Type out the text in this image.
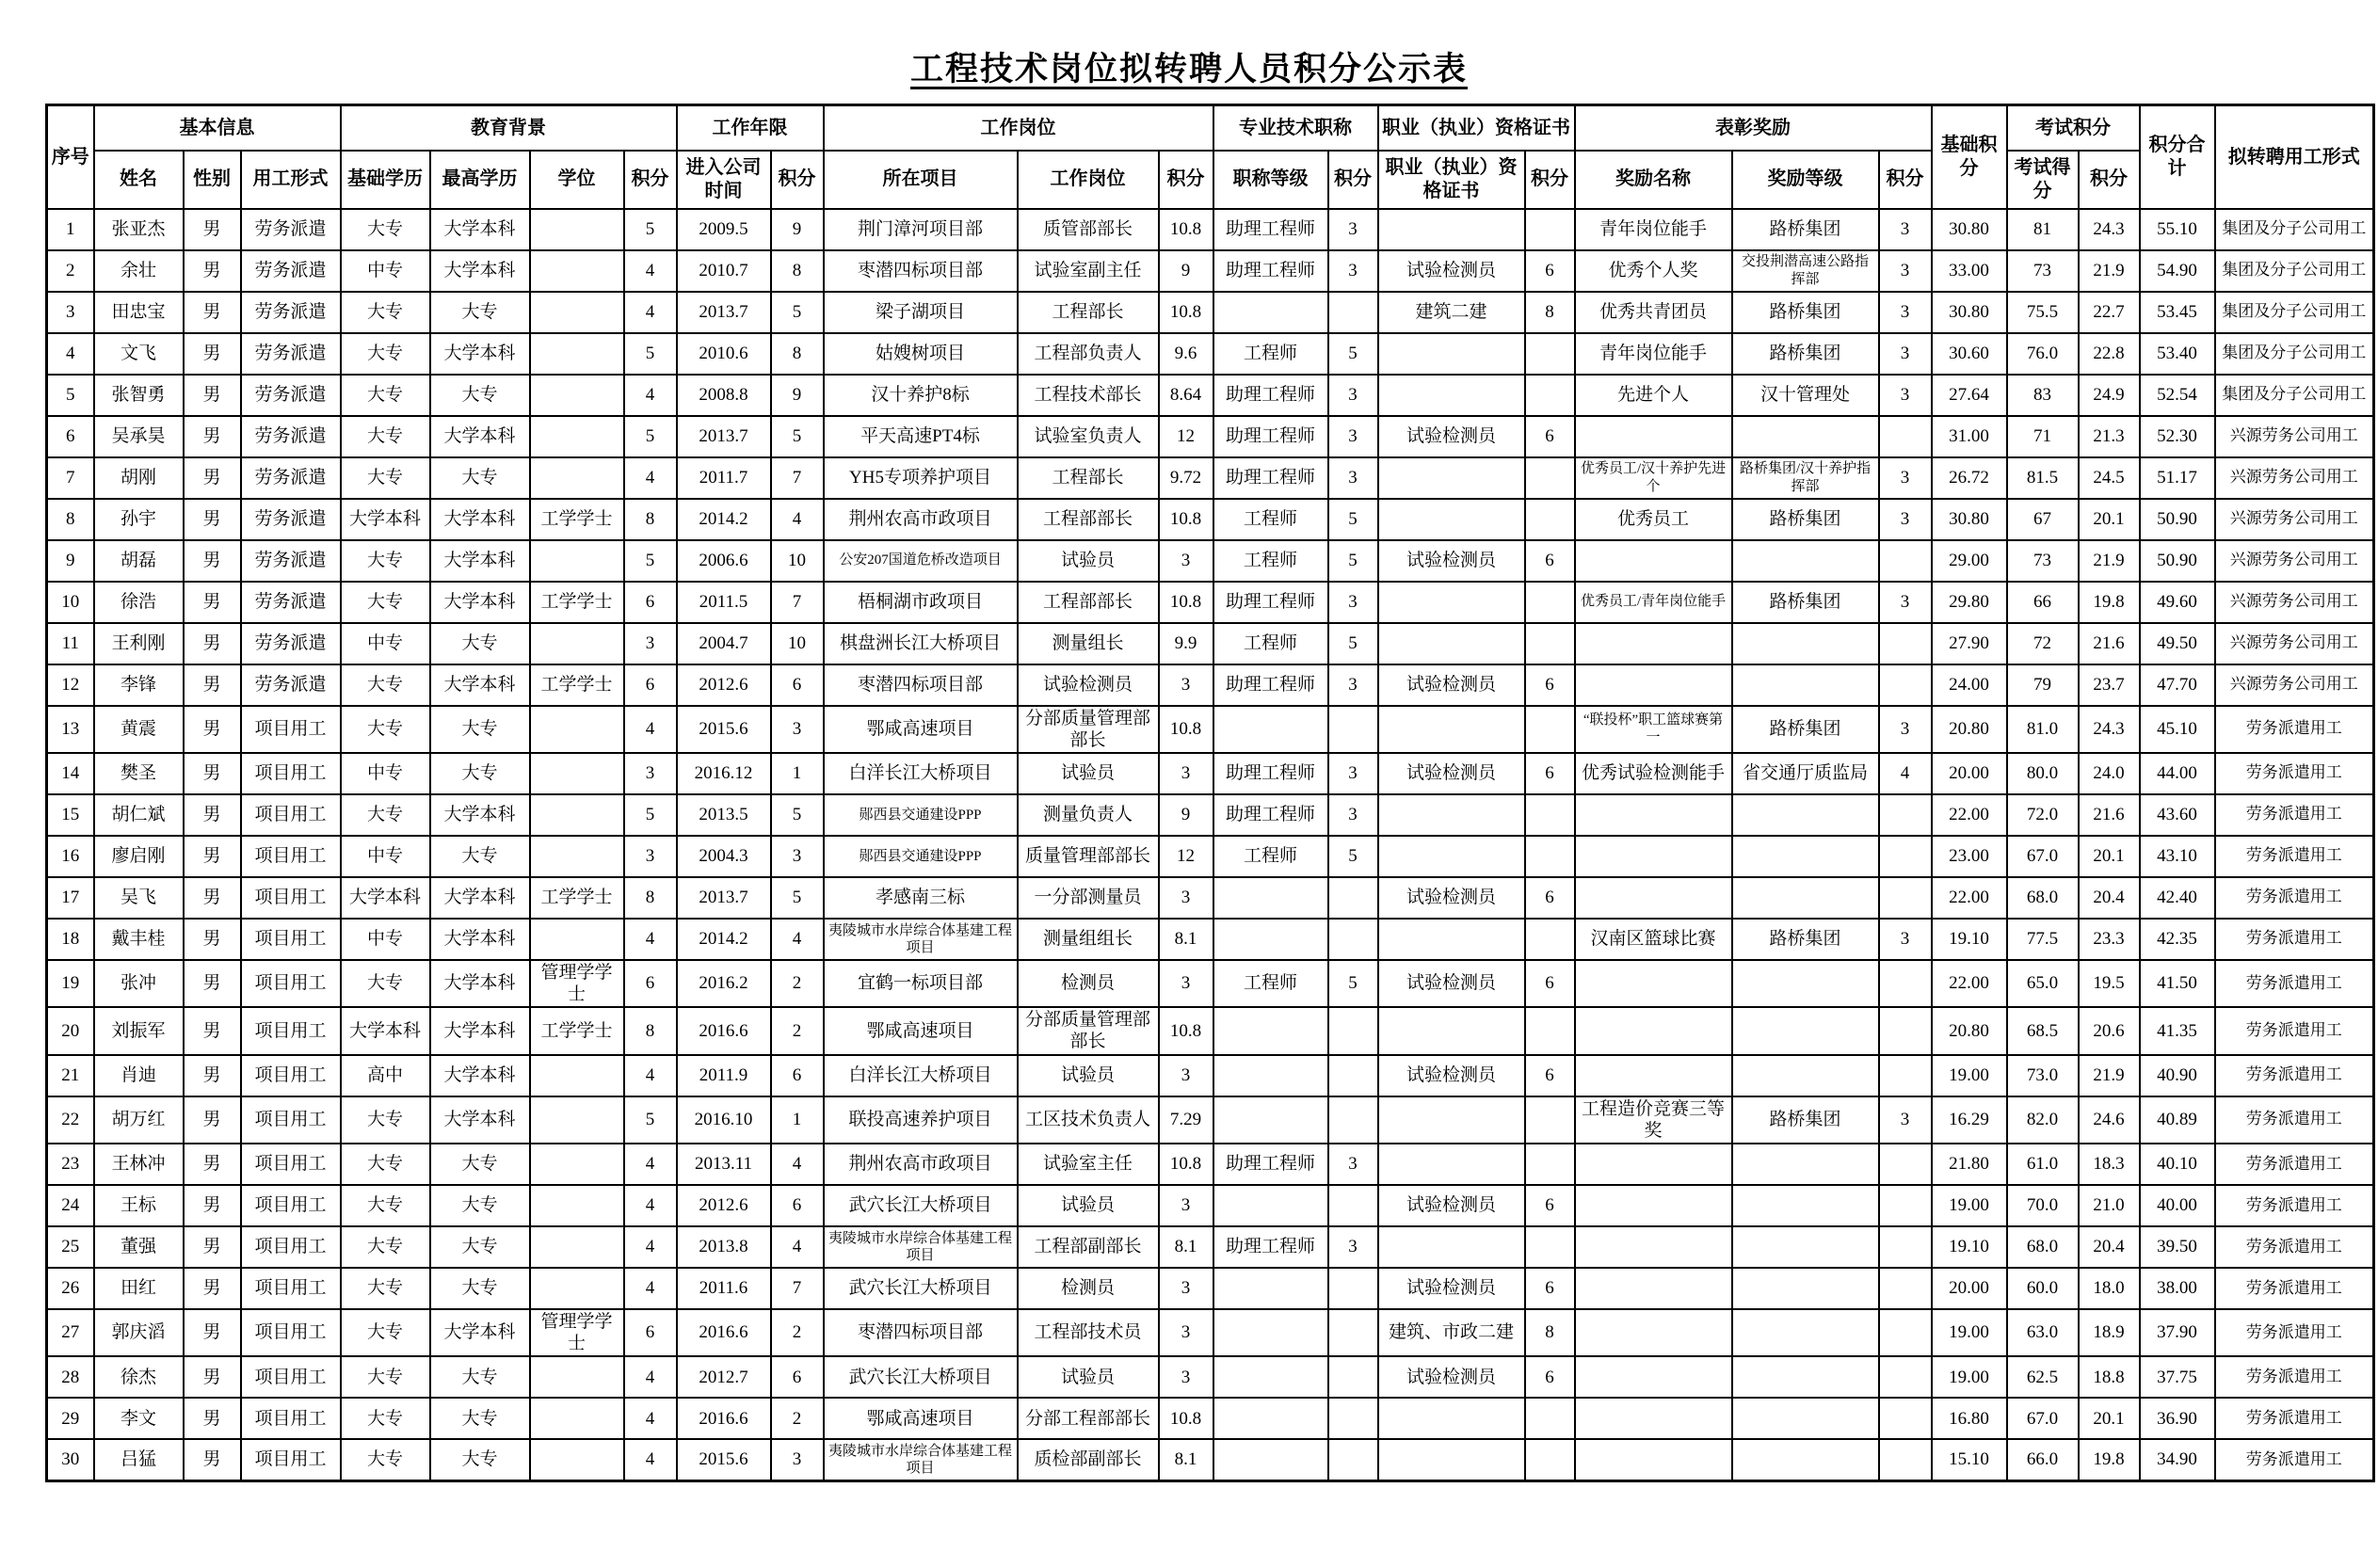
工程技术岗位拟转聘人员积分公示表
序号	基本信息			教育背景				工作年限		工作岗位			专业技术职称		职业（执业）资格证书		表彰奖励			基础积分	考试积分		积分合计	拟转聘用工形式
	姓名	性别	用工形式	基础学历	最高学历	学位	积分	进入公司时间	积分	所在项目	工作岗位	积分	职称等级	积分	职业（执业）资格证书	积分	奖励名称	奖励等级	积分		考试得分	积分		
1	张亚杰	男	劳务派遣	大专	大学本科		5	2009.5	9	荆门漳河项目部	质管部部长	10.8	助理工程师	3			青年岗位能手	路桥集团	3	30.80	81	24.3	55.10	集团及分子公司用工
2	余壮	男	劳务派遣	中专	大学本科		4	2010.7	8	枣潜四标项目部	试验室副主任	9	助理工程师	3	试验检测员	6	优秀个人奖	交投荆潜高速公路指挥部	3	33.00	73	21.9	54.90	集团及分子公司用工
3	田忠宝	男	劳务派遣	大专	大专		4	2013.7	5	梁子湖项目	工程部长	10.8			建筑二建	8	优秀共青团员	路桥集团	3	30.80	75.5	22.7	53.45	集团及分子公司用工
4	文飞	男	劳务派遣	大专	大学本科		5	2010.6	8	姑嫂树项目	工程部负责人	9.6	工程师	5			青年岗位能手	路桥集团	3	30.60	76.0	22.8	53.40	集团及分子公司用工
5	张智勇	男	劳务派遣	大专	大专		4	2008.8	9	汉十养护8标	工程技术部长	8.64	助理工程师	3			先进个人	汉十管理处	3	27.64	83	24.9	52.54	集团及分子公司用工
6	吴承昊	男	劳务派遣	大专	大学本科		5	2013.7	5	平天高速PT4标	试验室负责人	12	助理工程师	3	试验检测员	6				31.00	71	21.3	52.30	兴源劳务公司用工
7	胡刚	男	劳务派遣	大专	大专		4	2011.7	7	YH5专项养护项目	工程部长	9.72	助理工程师	3			优秀员工/汉十养护先进个	路桥集团/汉十养护指挥部	3	26.72	81.5	24.5	51.17	兴源劳务公司用工
8	孙宇	男	劳务派遣	大学本科	大学本科	工学学士	8	2014.2	4	荆州农高市政项目	工程部部长	10.8	工程师	5			优秀员工	路桥集团	3	30.80	67	20.1	50.90	兴源劳务公司用工
9	胡磊	男	劳务派遣	大专	大学本科		5	2006.6	10	公安207国道危桥改造项目	试验员	3	工程师	5	试验检测员	6				29.00	73	21.9	50.90	兴源劳务公司用工
10	徐浩	男	劳务派遣	大专	大学本科	工学学士	6	2011.5	7	梧桐湖市政项目	工程部部长	10.8	助理工程师	3			优秀员工/青年岗位能手	路桥集团	3	29.80	66	19.8	49.60	兴源劳务公司用工
11	王利刚	男	劳务派遣	中专	大专		3	2004.7	10	棋盘洲长江大桥项目	测量组长	9.9	工程师	5						27.90	72	21.6	49.50	兴源劳务公司用工
12	李锋	男	劳务派遣	大专	大学本科	工学学士	6	2012.6	6	枣潜四标项目部	试验检测员	3	助理工程师	3	试验检测员	6				24.00	79	23.7	47.70	兴源劳务公司用工
13	黄震	男	项目用工	大专	大专		4	2015.6	3	鄂咸高速项目	分部质量管理部部长	10.8					“联投杯”职工篮球赛第一	路桥集团	3	20.80	81.0	24.3	45.10	劳务派遣用工
14	樊圣	男	项目用工	中专	大专		3	2016.12	1	白洋长江大桥项目	试验员	3	助理工程师	3	试验检测员	6	优秀试验检测能手	省交通厅质监局	4	20.00	80.0	24.0	44.00	劳务派遣用工
15	胡仁斌	男	项目用工	大专	大学本科		5	2013.5	5	郧西县交通建设PPP	测量负责人	9	助理工程师	3						22.00	72.0	21.6	43.60	劳务派遣用工
16	廖启刚	男	项目用工	中专	大专		3	2004.3	3	郧西县交通建设PPP	质量管理部部长	12	工程师	5						23.00	67.0	20.1	43.10	劳务派遣用工
17	吴飞	男	项目用工	大学本科	大学本科	工学学士	8	2013.7	5	孝感南三标	一分部测量员	3			试验检测员	6				22.00	68.0	20.4	42.40	劳务派遣用工
18	戴丰桂	男	项目用工	中专	大学本科		4	2014.2	4	夷陵城市水岸综合体基建工程项目	测量组组长	8.1					汉南区篮球比赛	路桥集团	3	19.10	77.5	23.3	42.35	劳务派遣用工
19	张冲	男	项目用工	大专	大学本科	管理学学士	6	2016.2	2	宜鹤一标项目部	检测员	3	工程师	5	试验检测员	6				22.00	65.0	19.5	41.50	劳务派遣用工
20	刘振军	男	项目用工	大学本科	大学本科	工学学士	8	2016.6	2	鄂咸高速项目	分部质量管理部部长	10.8								20.80	68.5	20.6	41.35	劳务派遣用工
21	肖迪	男	项目用工	高中	大学本科		4	2011.9	6	白洋长江大桥项目	试验员	3			试验检测员	6				19.00	73.0	21.9	40.90	劳务派遣用工
22	胡万红	男	项目用工	大专	大学本科		5	2016.10	1	联投高速养护项目	工区技术负责人	7.29					工程造价竞赛三等奖	路桥集团	3	16.29	82.0	24.6	40.89	劳务派遣用工
23	王林冲	男	项目用工	大专	大专		4	2013.11	4	荆州农高市政项目	试验室主任	10.8	助理工程师	3						21.80	61.0	18.3	40.10	劳务派遣用工
24	王标	男	项目用工	大专	大专		4	2012.6	6	武穴长江大桥项目	试验员	3			试验检测员	6				19.00	70.0	21.0	40.00	劳务派遣用工
25	董强	男	项目用工	大专	大专		4	2013.8	4	夷陵城市水岸综合体基建工程项目	工程部副部长	8.1	助理工程师	3						19.10	68.0	20.4	39.50	劳务派遣用工
26	田红	男	项目用工	大专	大专		4	2011.6	7	武穴长江大桥项目	检测员	3			试验检测员	6				20.00	60.0	18.0	38.00	劳务派遣用工
27	郭庆滔	男	项目用工	大专	大学本科	管理学学士	6	2016.6	2	枣潜四标项目部	工程部技术员	3			建筑、市政二建	8				19.00	63.0	18.9	37.90	劳务派遣用工
28	徐杰	男	项目用工	大专	大专		4	2012.7	6	武穴长江大桥项目	试验员	3			试验检测员	6				19.00	62.5	18.8	37.75	劳务派遣用工
29	李文	男	项目用工	大专	大专		4	2016.6	2	鄂咸高速项目	分部工程部部长	10.8								16.80	67.0	20.1	36.90	劳务派遣用工
30	吕猛	男	项目用工	大专	大专		4	2015.6	3	夷陵城市水岸综合体基建工程项目	质检部副部长	8.1								15.10	66.0	19.8	34.90	劳务派遣用工
